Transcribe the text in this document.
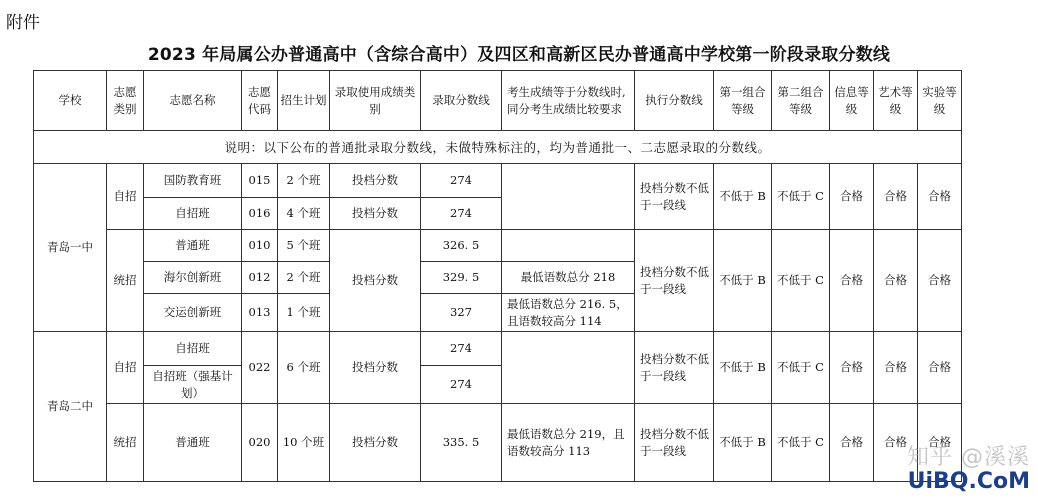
附件
2023 年局属公办普通高中（含综合高中）及四区和高新区民办普通高中学校第一阶段录取分数线
学校	志愿类别	志愿名称	志愿代码	招生计划	录取使用成绩类别	录取分数线	考生成绩等于分数线时,同分考生成绩比较要求	执行分数线	第一组合等级	第二组合等级	信息等级	艺术等级	实验等级
说明：以下公布的普通批录取分数线，未做特殊标注的，均为普通批一、二志愿录取的分数线。													
青岛一中	自招	国防教育班	015	2 个班	投档分数	274		投档分数不低于一段线	不低于 B	不低于 C	合格	合格	合格
		自招班	016	4 个班	投档分数	274							
	统招	普通班	010	5 个班	投档分数	326. 5		投档分数不低于一段线	不低于 B	不低于 C	合格	合格	合格
		海尔创新班	012	2 个班		329. 5	最低语数总分 218						
		交运创新班	013	1 个班		327	最低语数总分 216. 5，且语数较高分 114						
青岛二中	自招	自招班	022	6 个班	投档分数	274		投档分数不低于一段线	不低于 B	不低于 C	合格	合格	合格
		自招班（强基计划）				274							
	统招	普通班	020	10 个班	投档分数	335. 5	最低语数总分 219，且语数较高分 113	投档分数不低于一段线	不低于 B	不低于 C	合格	合格	合格
知乎 @溪溪
UiBQ.CoM
